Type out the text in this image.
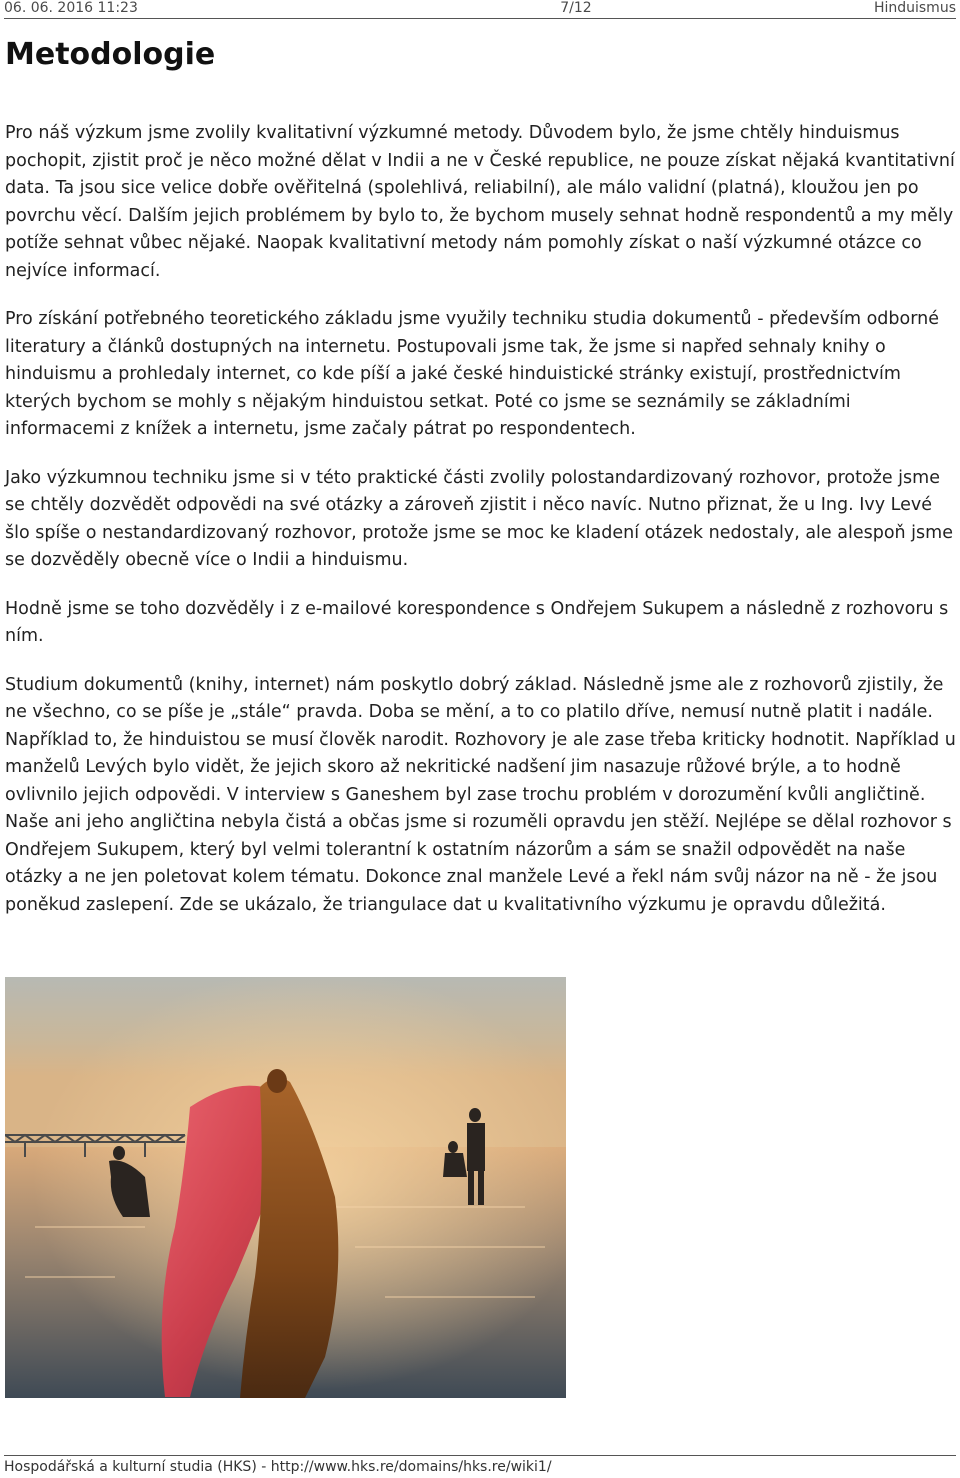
06. 06. 2016 11:23	7/12	Hinduismus
Metodologie

Pro náš výzkum jsme zvolily kvalitativní výzkumné metody. Důvodem bylo, že jsme chtěly hinduismus pochopit, zjistit proč je něco možné dělat v Indii a ne v České republice, ne pouze získat nějaká kvantitativní data. Ta jsou sice velice dobře ověřitelná (spolehlivá, reliabilní), ale málo validní (platná), kloužou jen po povrchu věcí. Dalším jejich problémem by bylo to, že bychom musely sehnat hodně respondentů a my měly potíže sehnat vůbec nějaké. Naopak kvalitativní metody nám pomohly získat o naší výzkumné otázce co nejvíce informací.

Pro získání potřebného teoretického základu jsme využily techniku studia dokumentů - především odborné literatury a článků dostupných na internetu. Postupovali jsme tak, že jsme si napřed sehnaly knihy o hinduismu a prohledaly internet, co kde píší a jaké české hinduistické stránky existují, prostřednictvím kterých bychom se mohly s nějakým hinduistou setkat. Poté co jsme se seznámily se základními informacemi z knížek a internetu, jsme začaly pátrat po respondentech.

Jako výzkumnou techniku jsme si v této praktické části zvolily polostandardizovaný rozhovor, protože jsme se chtěly dozvědět odpovědi na své otázky a zároveň zjistit i něco navíc. Nutno přiznat, že u Ing. Ivy Levé šlo spíše o nestandardizovaný rozhovor, protože jsme se moc ke kladení otázek nedostaly, ale alespoň jsme se dozvěděly obecně více o Indii a hinduismu.

Hodně jsme se toho dozvěděly i z e-mailové korespondence s Ondřejem Sukupem a následně z rozhovoru s ním.

Studium dokumentů (knihy, internet) nám poskytlo dobrý základ. Následně jsme ale z rozhovorů zjistily, že ne všechno, co se píše je „stále“ pravda. Doba se mění, a to co platilo dříve, nemusí nutně platit i nadále. Například to, že hinduistou se musí člověk narodit. Rozhovory je ale zase třeba kriticky hodnotit. Například u manželů Levých bylo vidět, že jejich skoro až nekritické nadšení jim nasazuje růžové brýle, a to hodně ovlivnilo jejich odpovědi. V interview s Ganeshem byl zase trochu problém v dorozumění kvůli angličtině. Naše ani jeho angličtina nebyla čistá a občas jsme si rozuměli opravdu jen stěží. Nejlépe se dělal rozhovor s Ondřejem Sukupem, který byl velmi tolerantní k ostatním názorům a sám se snažil odpovědět na naše otázky a ne jen poletovat kolem tématu. Dokonce znal manžele Levé a řekl nám svůj názor na ně - že jsou poněkud zaslepení. Zde se ukázalo, že triangulace dat u kvalitativního výzkumu je opravdu důležitá.

Hospodářská a kulturní studia (HKS) - http://www.hks.re/domains/hks.re/wiki1/
